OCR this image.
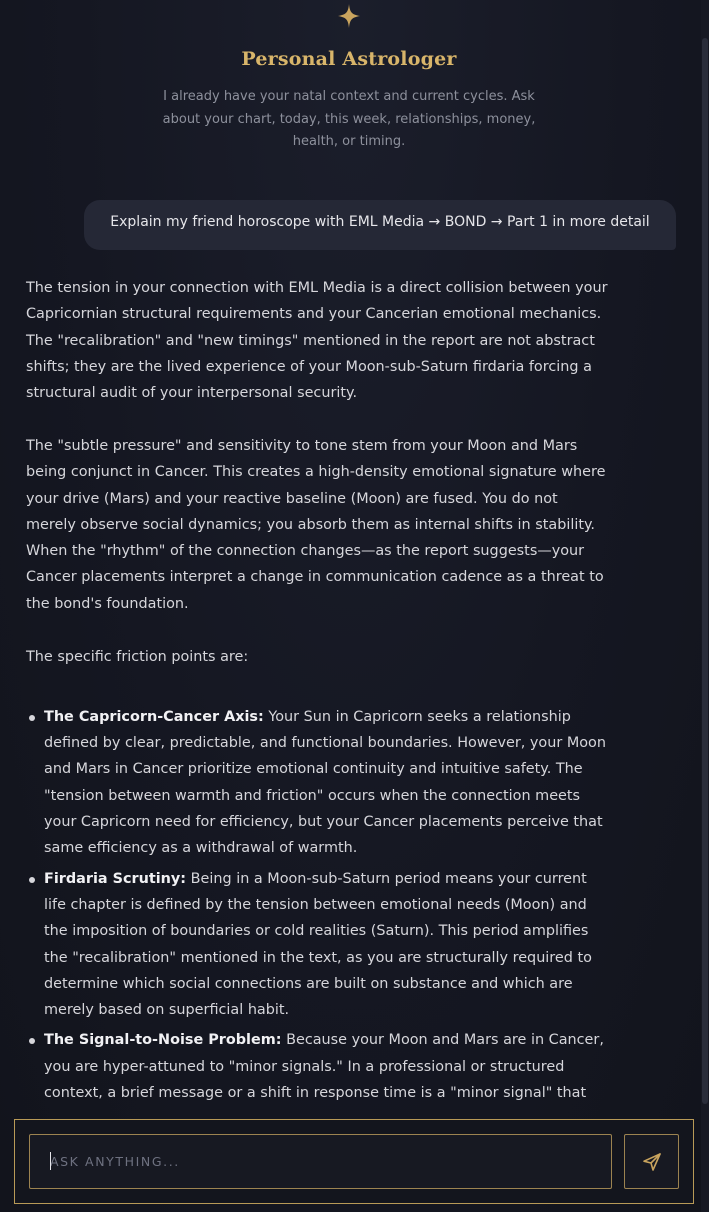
Personal Astrologer
I already have your natal context and current cycles. Ask about your chart, today, this week, relationships, money, health, or timing.
Explain my friend horoscope with EML Media → BOND → Part 1 in more detail

The tension in your connection with EML Media is a direct collision between your Capricornian structural requirements and your Cancerian emotional mechanics. The "recalibration" and "new timings" mentioned in the report are not abstract shifts; they are the lived experience of your Moon-sub-Saturn firdaria forcing a structural audit of your interpersonal security.

The "subtle pressure" and sensitivity to tone stem from your Moon and Mars being conjunct in Cancer. This creates a high-density emotional signature where your drive (Mars) and your reactive baseline (Moon) are fused. You do not merely observe social dynamics; you absorb them as internal shifts in stability. When the "rhythm" of the connection changes—as the report suggests—your Cancer placements interpret a change in communication cadence as a threat to the bond's foundation.

The specific friction points are:

The Capricorn-Cancer Axis: Your Sun in Capricorn seeks a relationship defined by clear, predictable, and functional boundaries. However, your Moon and Mars in Cancer prioritize emotional continuity and intuitive safety. The "tension between warmth and friction" occurs when the connection meets your Capricorn need for efficiency, but your Cancer placements perceive that same efficiency as a withdrawal of warmth.
Firdaria Scrutiny: Being in a Moon-sub-Saturn period means your current life chapter is defined by the tension between emotional needs (Moon) and the imposition of boundaries or cold realities (Saturn). This period amplifies the "recalibration" mentioned in the text, as you are structurally required to determine which social connections are built on substance and which are merely based on superficial habit.
The Signal-to-Noise Problem: Because your Moon and Mars are in Cancer, you are hyper-attuned to "minor signals." In a professional or structured context, a brief message or a shift in response time is a "minor signal" that
ASK ANYTHING...
